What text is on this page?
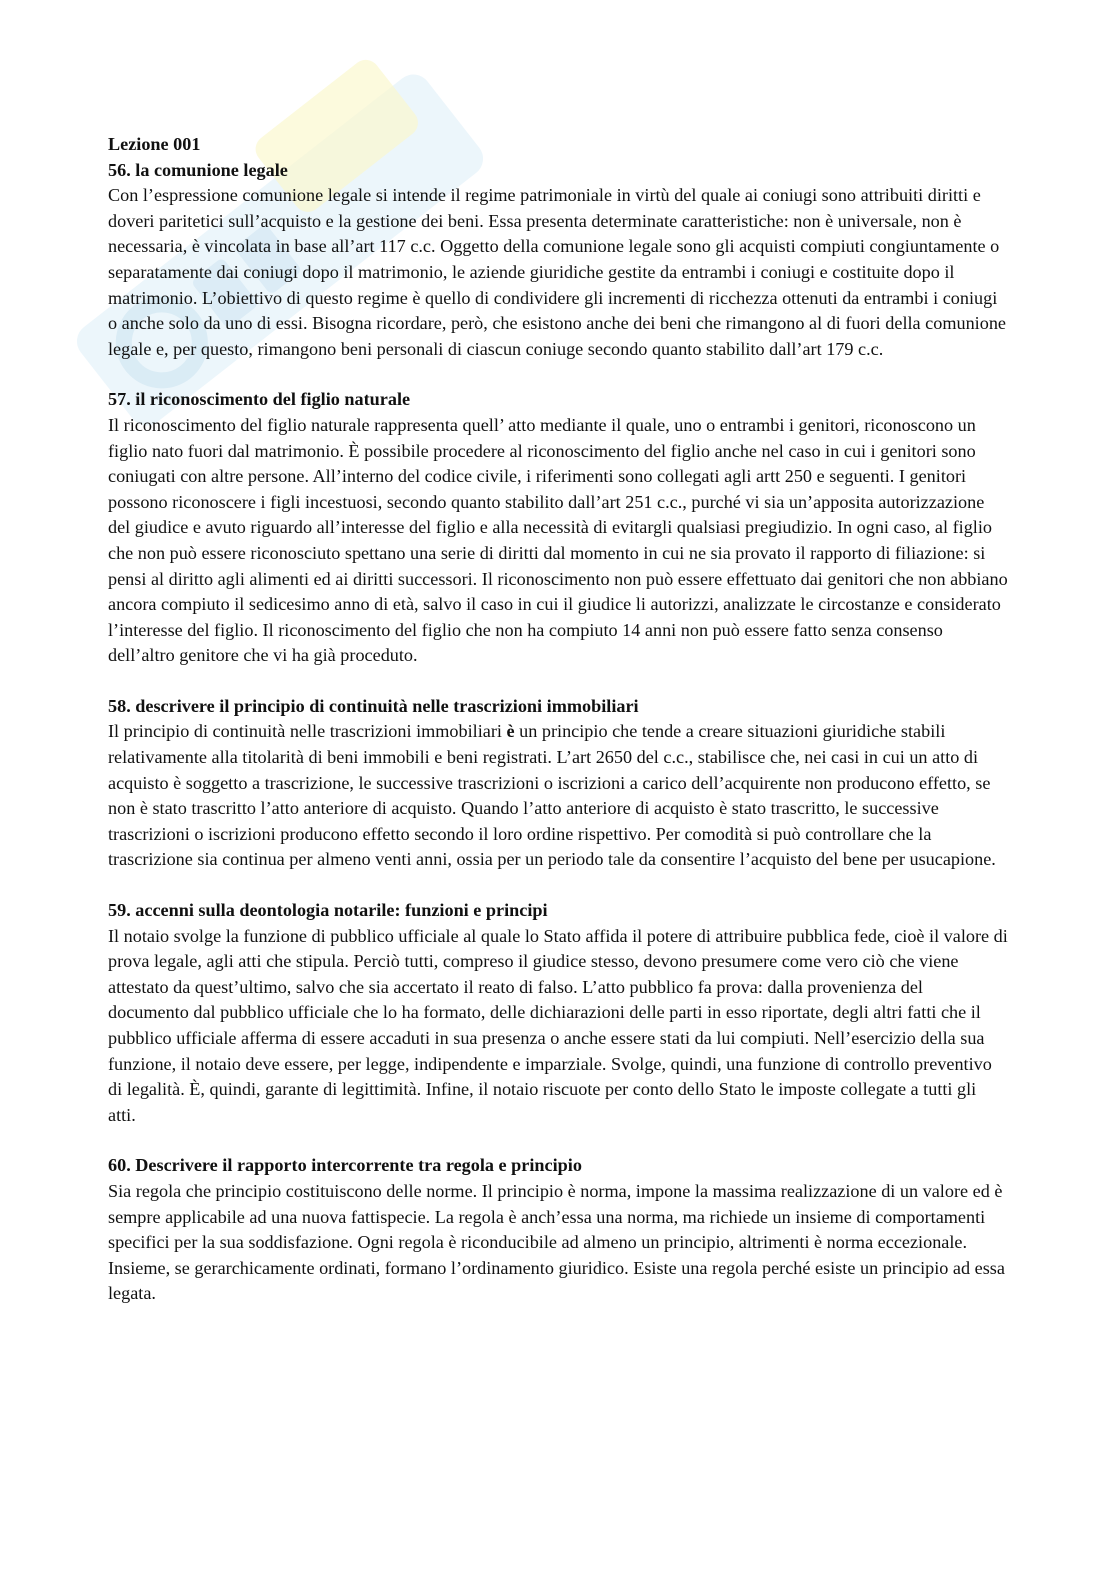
Lezione 001
56. la comunione legale

Con l’espressione comunione legale si intende il regime patrimoniale in virtù del quale ai coniugi sono attribuiti diritti e doveri paritetici sull’acquisto e la gestione dei beni. Essa presenta determinate caratteristiche: non è universale, non è necessaria, è vincolata in base all’art 117 c.c. Oggetto della comunione legale sono gli acquisti compiuti congiuntamente o separatamente dai coniugi dopo il matrimonio, le aziende giuridiche gestite da entrambi i coniugi e costituite dopo il matrimonio. L’obiettivo di questo regime è quello di condividere gli incrementi di ricchezza ottenuti da entrambi i coniugi o anche solo da uno di essi. Bisogna ricordare, però, che esistono anche dei beni che rimangono al di fuori della comunione legale e, per questo, rimangono beni personali di ciascun coniuge secondo quanto stabilito dall’art 179 c.c.

57. il riconoscimento del figlio naturale

Il riconoscimento del figlio naturale rappresenta quell’ atto mediante il quale, uno o entrambi i genitori, riconoscono un figlio nato fuori dal matrimonio. È possibile procedere al riconoscimento del figlio anche nel caso in cui i genitori sono coniugati con altre persone. All’interno del codice civile, i riferimenti sono collegati agli artt 250 e seguenti. I genitori possono riconoscere i figli incestuosi, secondo quanto stabilito dall’art 251 c.c., purché vi sia un’apposita autorizzazione del giudice e avuto riguardo all’interesse del figlio e alla necessità di evitargli qualsiasi pregiudizio. In ogni caso, al figlio che non può essere riconosciuto spettano una serie di diritti dal momento in cui ne sia provato il rapporto di filiazione: si pensi al diritto agli alimenti ed ai diritti successori. Il riconoscimento non può essere effettuato dai genitori che non abbiano ancora compiuto il sedicesimo anno di età, salvo il caso in cui il giudice li autorizzi, analizzate le circostanze e considerato l’interesse del figlio. Il riconoscimento del figlio che non ha compiuto 14 anni non può essere fatto senza consenso dell’altro genitore che vi ha già proceduto.

58. descrivere il principio di continuità nelle trascrizioni immobiliari

Il principio di continuità nelle trascrizioni immobiliari è un principio che tende a creare situazioni giuridiche stabili relativamente alla titolarità di beni immobili e beni registrati. L’art 2650 del c.c., stabilisce che, nei casi in cui un atto di acquisto è soggetto a trascrizione, le successive trascrizioni o iscrizioni a carico dell’acquirente non producono effetto, se non è stato trascritto l’atto anteriore di acquisto. Quando l’atto anteriore di acquisto è stato trascritto, le successive trascrizioni o iscrizioni producono effetto secondo il loro ordine rispettivo. Per comodità si può controllare che la trascrizione sia continua per almeno venti anni, ossia per un periodo tale da consentire l’acquisto del bene per usucapione.

59. accenni sulla deontologia notarile: funzioni e principi

Il notaio svolge la funzione di pubblico ufficiale al quale lo Stato affida il potere di attribuire pubblica fede, cioè il valore di prova legale, agli atti che stipula. Perciò tutti, compreso il giudice stesso, devono presumere come vero ciò che viene attestato da quest’ultimo, salvo che sia accertato il reato di falso. L’atto pubblico fa prova: dalla provenienza del documento dal pubblico ufficiale che lo ha formato, delle dichiarazioni delle parti in esso riportate, degli altri fatti che il pubblico ufficiale afferma di essere accaduti in sua presenza o anche essere stati da lui compiuti. Nell’esercizio della sua funzione, il notaio deve essere, per legge, indipendente e imparziale. Svolge, quindi, una funzione di controllo preventivo di legalità. È, quindi, garante di legittimità. Infine, il notaio riscuote per conto dello Stato le imposte collegate a tutti gli atti.

60. Descrivere il rapporto intercorrente tra regola e principio

Sia regola che principio costituiscono delle norme. Il principio è norma, impone la massima realizzazione di un valore ed è sempre applicabile ad una nuova fattispecie. La regola è anch’essa una norma, ma richiede un insieme di comportamenti specifici per la sua soddisfazione. Ogni regola è riconducibile ad almeno un principio, altrimenti è norma eccezionale. Insieme, se gerarchicamente ordinati, formano l’ordinamento giuridico. Esiste una regola perché esiste un principio ad essa legata.
